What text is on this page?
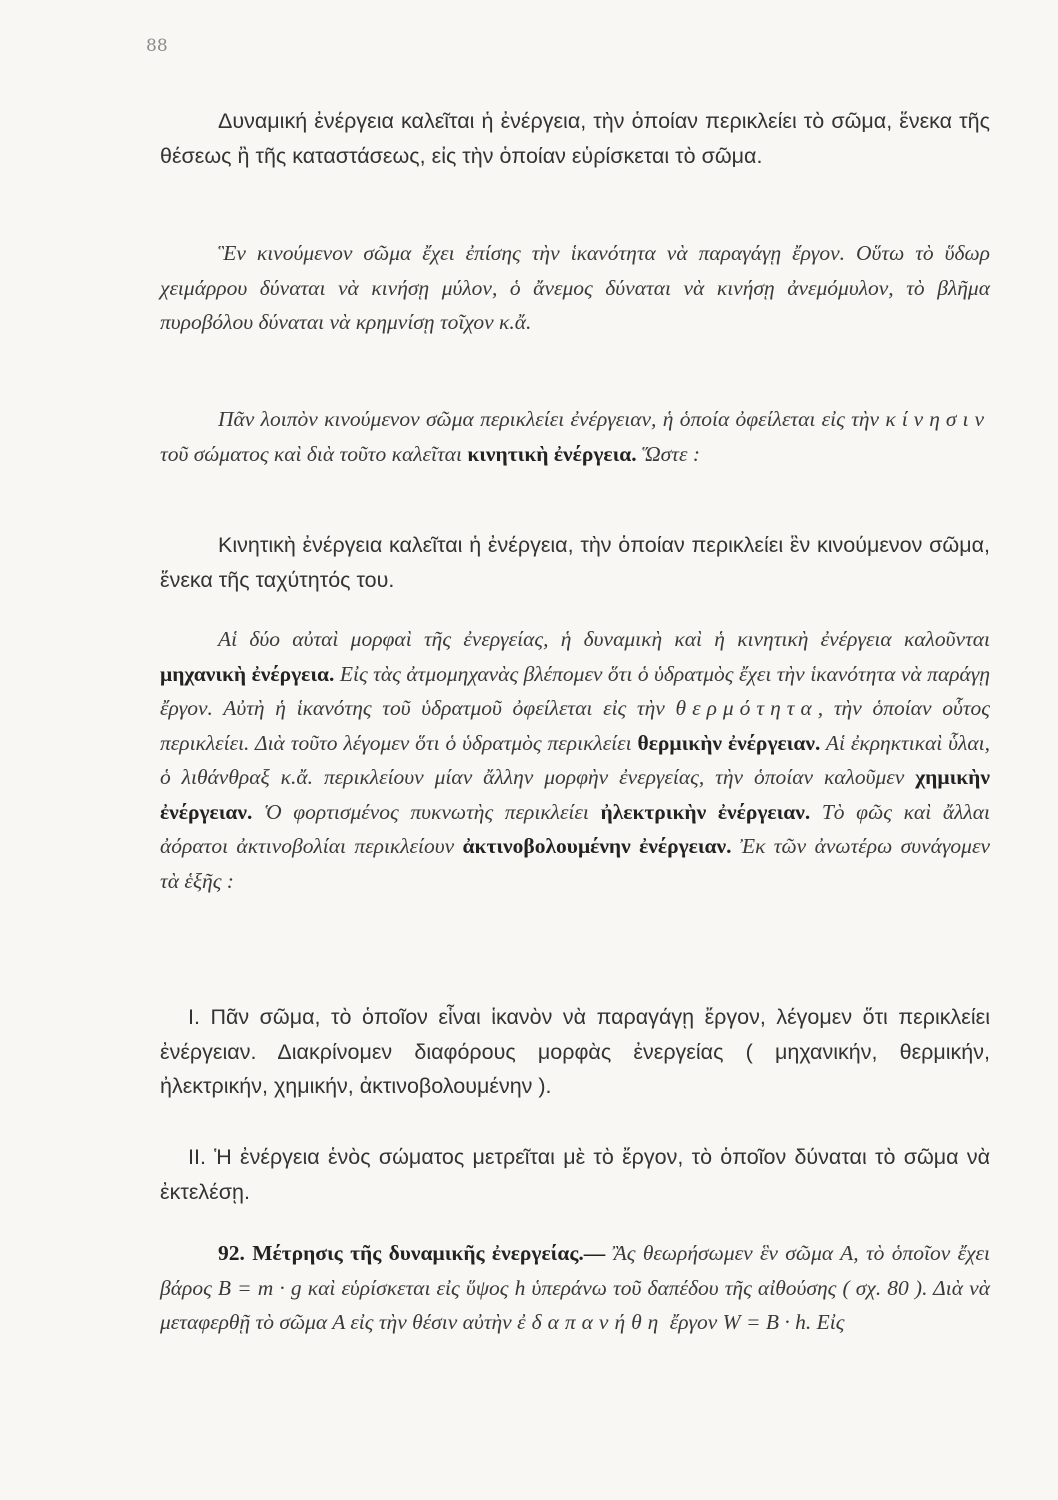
88

Δυναμική ἐνέργεια καλεῖται ἡ ἐνέργεια, τὴν ὁποίαν περικλείει τὸ σῶμα, ἕνεκα τῆς θέσεως ἢ τῆς καταστάσεως, εἰς τὴν ὁποίαν εὑρίσκεται τὸ σῶμα.

Ἓν κινούμενον σῶμα ἔχει ἐπίσης τὴν ἱκανότητα νὰ παραγάγῃ ἔργον. Οὕτω τὸ ὕδωρ χειμάρρου δύναται νὰ κινήσῃ μύλον, ὁ ἄνεμος δύναται νὰ κινήσῃ ἀνεμόμυλον, τὸ βλῆμα πυροβόλου δύναται νὰ κρημνίσῃ τοῖχον κ.ἄ.

Πᾶν λοιπὸν κινούμενον σῶμα περικλείει ἐνέργειαν, ἡ ὁποία ὀφείλεται εἰς τὴν κίνησιν τοῦ σώματος καὶ διὰ τοῦτο καλεῖται κινητικὴ ἐνέργεια. Ὥστε :

Κινητικὴ ἐνέργεια καλεῖται ἡ ἐνέργεια, τὴν ὁποίαν περικλείει ἓν κινούμενον σῶμα, ἕνεκα τῆς ταχύτητός του.

Αἱ δύο αὐταὶ μορφαὶ τῆς ἐνεργείας, ἡ δυναμικὴ καὶ ἡ κινητικὴ ἐνέργεια καλοῦνται μηχανικὴ ἐνέργεια. Εἰς τὰς ἀτμομηχανὰς βλέπομεν ὅτι ὁ ὑδρατμὸς ἔχει τὴν ἱκανότητα νὰ παράγῃ ἔργον. Αὐτὴ ἡ ἱκανότης τοῦ ὑδρατμοῦ ὀφείλεται εἰς τὴν θερμότητα, τὴν ὁποίαν οὗτος περικλείει. Διὰ τοῦτο λέγομεν ὅτι ὁ ὑδρατμὸς περικλείει θερμικὴν ἐνέργειαν. Αἱ ἐκρηκτικαὶ ὗλαι, ὁ λιθάνθραξ κ.ἄ. περικλείουν μίαν ἄλλην μορφὴν ἐνεργείας, τὴν ὁποίαν καλοῦμεν χημικὴν ἐνέργειαν. Ὁ φορτισμένος πυκνωτὴς περικλείει ἠλεκτρικὴν ἐνέργειαν. Τὸ φῶς καὶ ἄλλαι ἀόρατοι ἀκτινοβολίαι περικλείουν ἀκτινοβολουμένην ἐνέργειαν. Ἐκ τῶν ἀνωτέρω συνάγομεν τὰ ἑξῆς :

I. Πᾶν σῶμα, τὸ ὁποῖον εἶναι ἱκανὸν νὰ παραγάγῃ ἔργον, λέγομεν ὅτι περικλείει ἐνέργειαν. Διακρίνομεν διαφόρους μορφὰς ἐνεργείας ( μηχανικήν, θερμικήν, ἠλεκτρικήν, χημικήν, ἀκτινοβολουμένην ).

II. Ἡ ἐνέργεια ἑνὸς σώματος μετρεῖται μὲ τὸ ἔργον, τὸ ὁποῖον δύναται τὸ σῶμα νὰ ἐκτελέσῃ.

92. Μέτρησις τῆς δυναμικῆς ἐνεργείας.— Ἂς θεωρήσωμεν ἓν σῶμα Α, τὸ ὁποῖον ἔχει βάρος Β = m · g καὶ εὑρίσκεται εἰς ὕψος h ὑπεράνω τοῦ δαπέδου τῆς αἰθούσης ( σχ. 80 ). Διὰ νὰ μεταφερθῇ τὸ σῶμα Α εἰς τὴν θέσιν αὐτὴν ἐδαπανήθη ἔργον W = B · h. Εἰς
